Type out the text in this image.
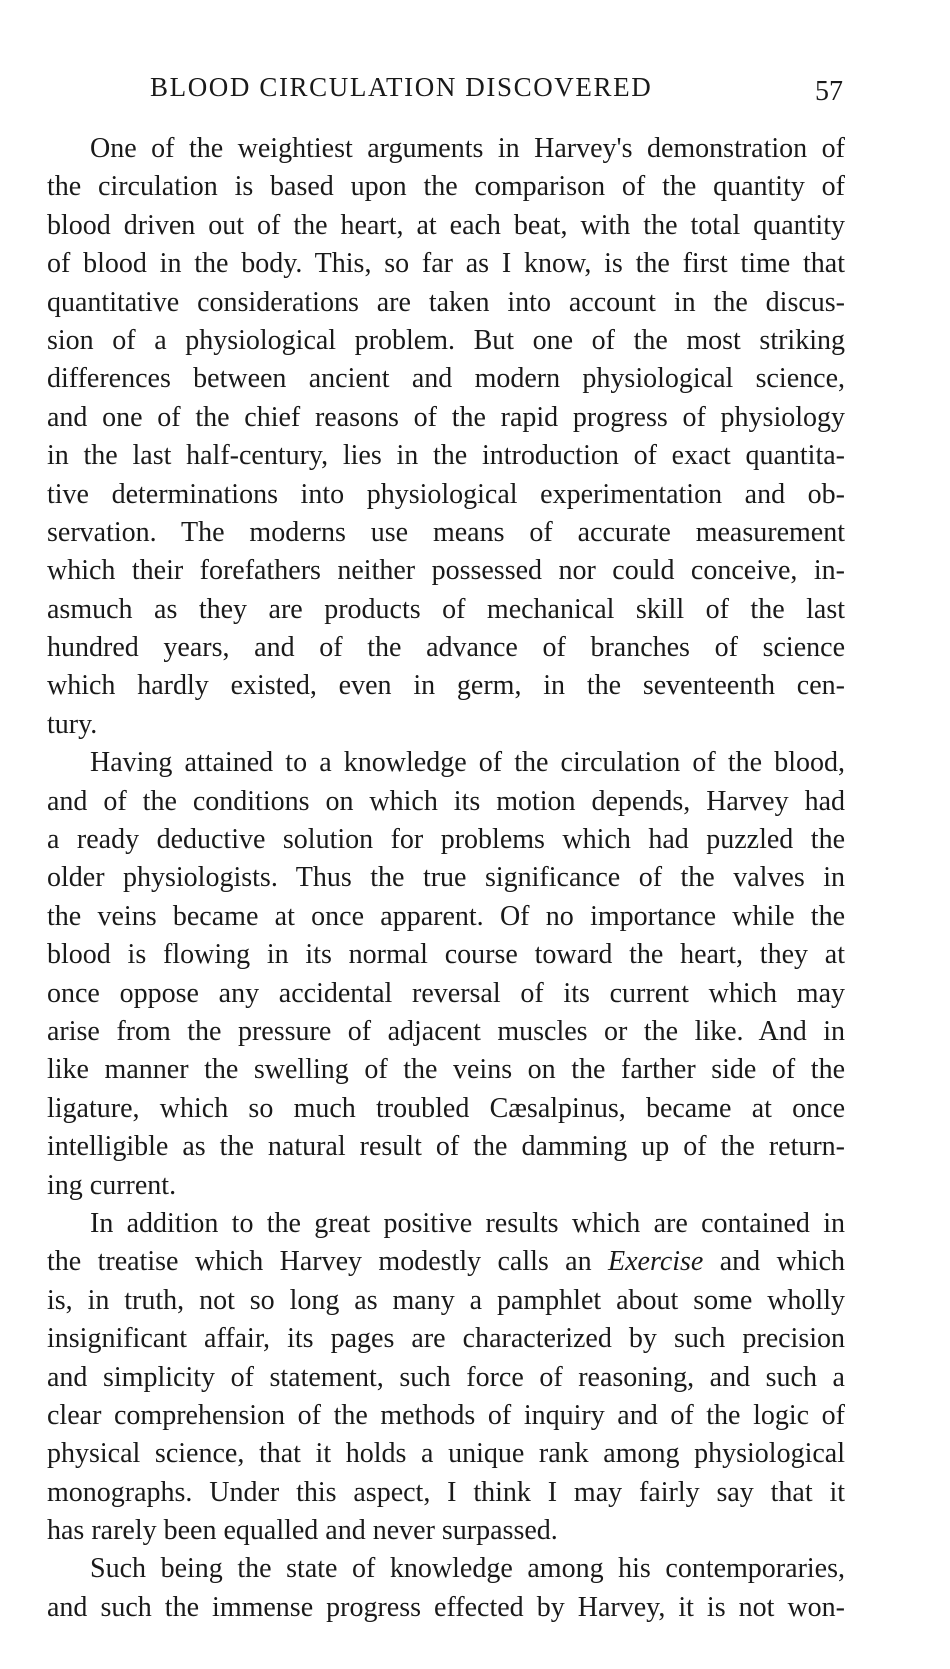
BLOOD CIRCULATION DISCOVERED	57
One of the weightiest arguments in Harvey's demonstration of
the circulation is based upon the comparison of the quantity of
blood driven out of the heart, at each beat, with the total quantity
of blood in the body. This, so far as I know, is the first time that
quantitative considerations are taken into account in the discus-
sion of a physiological problem. But one of the most striking
differences between ancient and modern physiological science,
and one of the chief reasons of the rapid progress of physiology
in the last half-century, lies in the introduction of exact quantita-
tive determinations into physiological experimentation and ob-
servation. The moderns use means of accurate measurement
which their forefathers neither possessed nor could conceive, in-
asmuch as they are products of mechanical skill of the last
hundred years, and of the advance of branches of science
which hardly existed, even in germ, in the seventeenth cen-
tury.
Having attained to a knowledge of the circulation of the blood,
and of the conditions on which its motion depends, Harvey had
a ready deductive solution for problems which had puzzled the
older physiologists. Thus the true significance of the valves in
the veins became at once apparent. Of no importance while the
blood is flowing in its normal course toward the heart, they at
once oppose any accidental reversal of its current which may
arise from the pressure of adjacent muscles or the like. And in
like manner the swelling of the veins on the farther side of the
ligature, which so much troubled Cæsalpinus, became at once
intelligible as the natural result of the damming up of the return-
ing current.
In addition to the great positive results which are contained in
the treatise which Harvey modestly calls an Exercise and which
is, in truth, not so long as many a pamphlet about some wholly
insignificant affair, its pages are characterized by such precision
and simplicity of statement, such force of reasoning, and such a
clear comprehension of the methods of inquiry and of the logic of
physical science, that it holds a unique rank among physiological
monographs. Under this aspect, I think I may fairly say that it
has rarely been equalled and never surpassed.
Such being the state of knowledge among his contemporaries,
and such the immense progress effected by Harvey, it is not won-
